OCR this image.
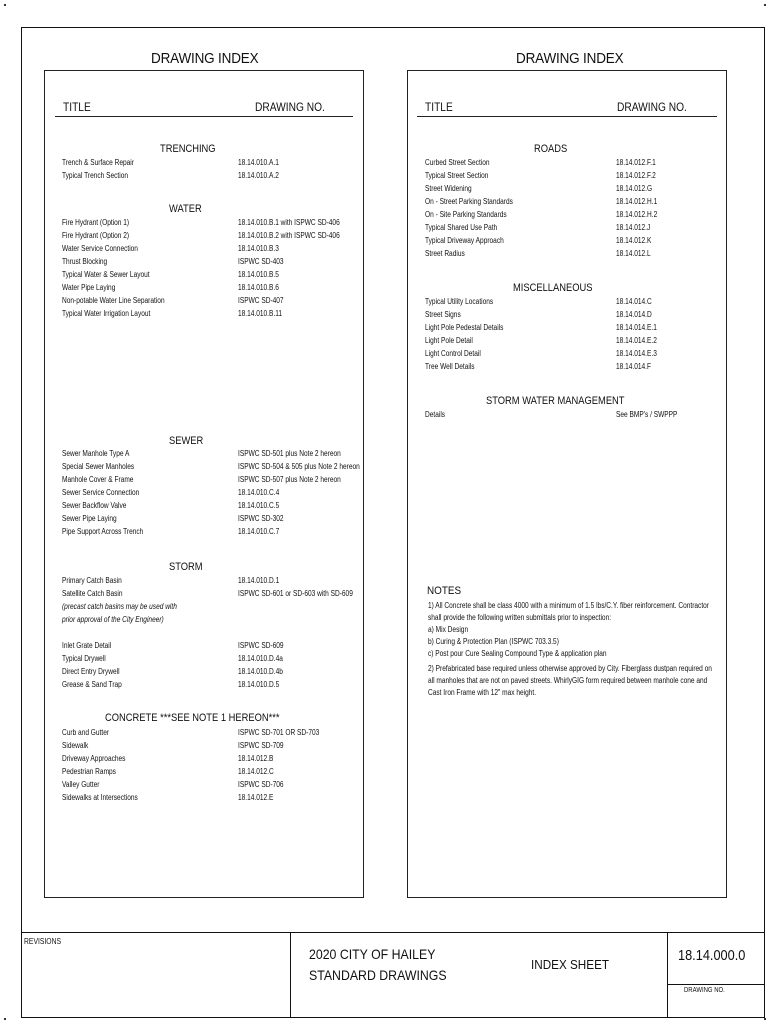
DRAWING INDEX
TITLE	DRAWING NO.
TRENCHING
Trench & Surface Repair	18.14.010.A.1
Typical Trench Section	18.14.010.A.2
WATER
Fire Hydrant (Option 1)	18.14.010.B.1 with ISPWC SD-406
Fire Hydrant (Option 2)	18.14.010.B.2 with ISPWC SD-406
Water Service Connection	18.14.010.B.3
Thrust Blocking	ISPWC SD-403
Typical Water & Sewer Layout	18.14.010.B.5
Water Pipe Laying	18.14.010.B.6
Non-potable Water Line Separation	ISPWC SD-407
Typical Water Irrigation Layout	18.14.010.B.11
SEWER
Sewer Manhole Type A	ISPWC SD-501 plus Note 2 hereon
Special Sewer Manholes	ISPWC SD-504 & 505 plus Note 2 hereon
Manhole Cover & Frame	ISPWC SD-507 plus Note 2 hereon
Sewer Service Connection	18.14.010.C.4
Sewer Backflow Valve	18.14.010.C.5
Sewer Pipe Laying	ISPWC SD-302
Pipe Support Across Trench	18.14.010.C.7
STORM
Primary Catch Basin	18.14.010.D.1
Satellite Catch Basin	ISPWC SD-601 or SD-603 with SD-609
(precast catch basins may be used with
prior approval of the City Engineer)
Inlet Grate Detail	ISPWC SD-609
Typical Drywell	18.14.010.D.4a
Direct Entry Drywell	18.14.010.D.4b
Grease & Sand Trap	18.14.010.D.5
CONCRETE ***SEE NOTE 1 HEREON***
Curb and Gutter	ISPWC SD-701 OR SD-703
Sidewalk	ISPWC SD-709
Driveway Approaches	18.14.012.B
Pedestrian Ramps	18.14.012.C
Valley Gutter	ISPWC SD-706
Sidewalks at Intersections	18.14.012.E
DRAWING INDEX
TITLE	DRAWING NO.
ROADS
Curbed Street Section	18.14.012.F.1
Typical Street Section	18.14.012.F.2
Street Widening	18.14.012.G
On - Street Parking Standards	18.14.012.H.1
On - Site Parking Standards	18.14.012.H.2
Typical Shared Use Path	18.14.012.J
Typical Driveway Approach	18.14.012.K
Street Radius	18.14.012.L
MISCELLANEOUS
Typical Utility Locations	18.14.014.C
Street Signs	18.14.014.D
Light Pole Pedestal Details	18.14.014.E.1
Light Pole Detail	18.14.014.E.2
Light Control Detail	18.14.014.E.3
Tree Well Details	18.14.014.F
STORM WATER MANAGEMENT
Details	See BMP's / SWPPP
NOTES
1) All Concrete shall be class 4000 with a minimum of 1.5 lbs/C.Y. fiber reinforcement. Contractor
shall provide the following written submittals prior to inspection:
a) Mix Design
b) Curing & Protection Plan (ISPWC 703.3.5)
c) Post pour Cure Sealing Compound Type & application plan
2) Prefabricated base required unless otherwise approved by City. Fiberglass dustpan required on
all manholes that are not on paved streets. WhirlyGIG form required between manhole cone and
Cast Iron Frame with 12" max height.
REVISIONS
2020 CITY OF HAILEY
STANDARD DRAWINGS
INDEX SHEET
18.14.000.0
DRAWING NO.
